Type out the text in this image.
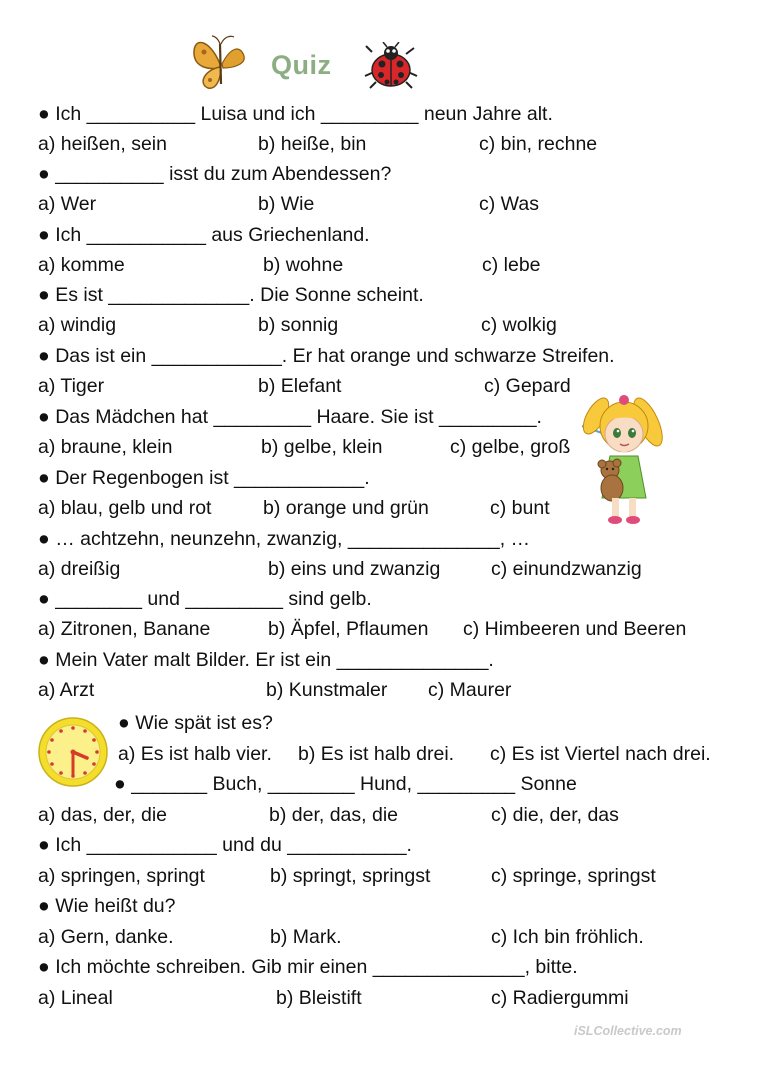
Quiz
● Ich __________ Luisa und ich _________ neun Jahre alt.
a) heißen, sein	b) heiße, bin	c) bin, rechne
● __________ isst du zum Abendessen?
a) Wer	b) Wie	c) Was
● Ich ___________ aus Griechenland.
a) komme	b) wohne	c) lebe
● Es ist _____________. Die Sonne scheint.
a) windig	b) sonnig	c) wolkig
● Das ist ein ____________. Er hat orange und schwarze Streifen.
a) Tiger	b) Elefant	c) Gepard
● Das Mädchen hat _________ Haare. Sie ist _________.
a) braune, klein	b) gelbe, klein	c) gelbe, groß
● Der Regenbogen ist ____________.
a) blau, gelb und rot	b) orange und grün	c) bunt
● … achtzehn, neunzehn, zwanzig, ______________, …
a) dreißig	b) eins und zwanzig	c) einundzwanzig
● ________ und _________ sind gelb.
a) Zitronen, Banane	b) Äpfel, Pflaumen c) Himbeeren und Beeren
● Mein Vater malt Bilder. Er ist ein ______________.
a) Arzt	b) Kunstmaler c) Maurer
● Wie spät ist es?
a) Es ist halb vier. b) Es ist halb drei. c) Es ist Viertel nach drei.
● _______ Buch, ________ Hund, _________ Sonne
a) das, der, die	b) der, das, die	c) die, der, das
● Ich ____________ und du ___________.
a) springen, springt	b) springt, springst	c) springe, springst
● Wie heißt du?
a) Gern, danke.	b) Mark.	c) Ich bin fröhlich.
● Ich möchte schreiben. Gib mir einen ______________, bitte.
a) Lineal	b) Bleistift	c) Radiergummi
iSLCollective.com
